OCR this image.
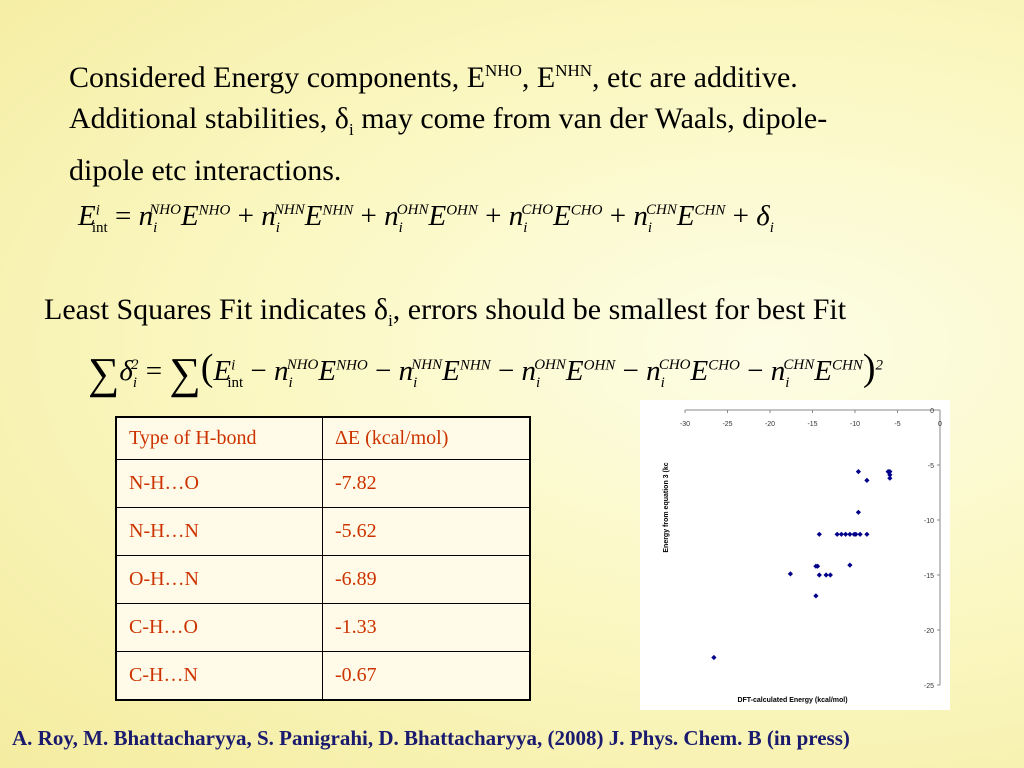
Considered Energy components, $E^{NHO}$, $E^{NHN}$, etc are additive.
Additional stabilities, $\delta_i$ may come from van der Waals, dipole-
dipole etc interactions.
$E^i_{int} = n_i^{NHO}E^{NHO} + n_i^{NHN}E^{NHN} + n_i^{OHN}E^{OHN} + n_i^{CHO}E^{CHO} + n_i^{CHN}E^{CHN} + \delta_i$
Least Squares Fit indicates $\delta_i$, errors should be smallest for best Fit
$\sum\delta_i^2 = \sum(E^i_{int} - n_i^{NHO}E^{NHO} - n_i^{NHN}E^{NHN} - n_i^{OHN}E^{OHN} - n_i^{CHO}E^{CHO} - n_i^{CHN}E^{CHN})^2$
Type of H-bond	ΔE (kcal/mol)
N-H…O	-7.82
N-H…N	-5.62
O-H…N	-6.89
C-H…O	-1.33
C-H…N	-0.67
-30	-25	-20	-15	-10	-5	0
0
-5
-10
-15
-20
-25
DFT-calculated Energy (kcal/mol)
Energy from equation 3 (kc
A. Roy, M. Bhattacharyya, S. Panigrahi, D. Bhattacharyya, (2008) J. Phys. Chem. B (in press)
